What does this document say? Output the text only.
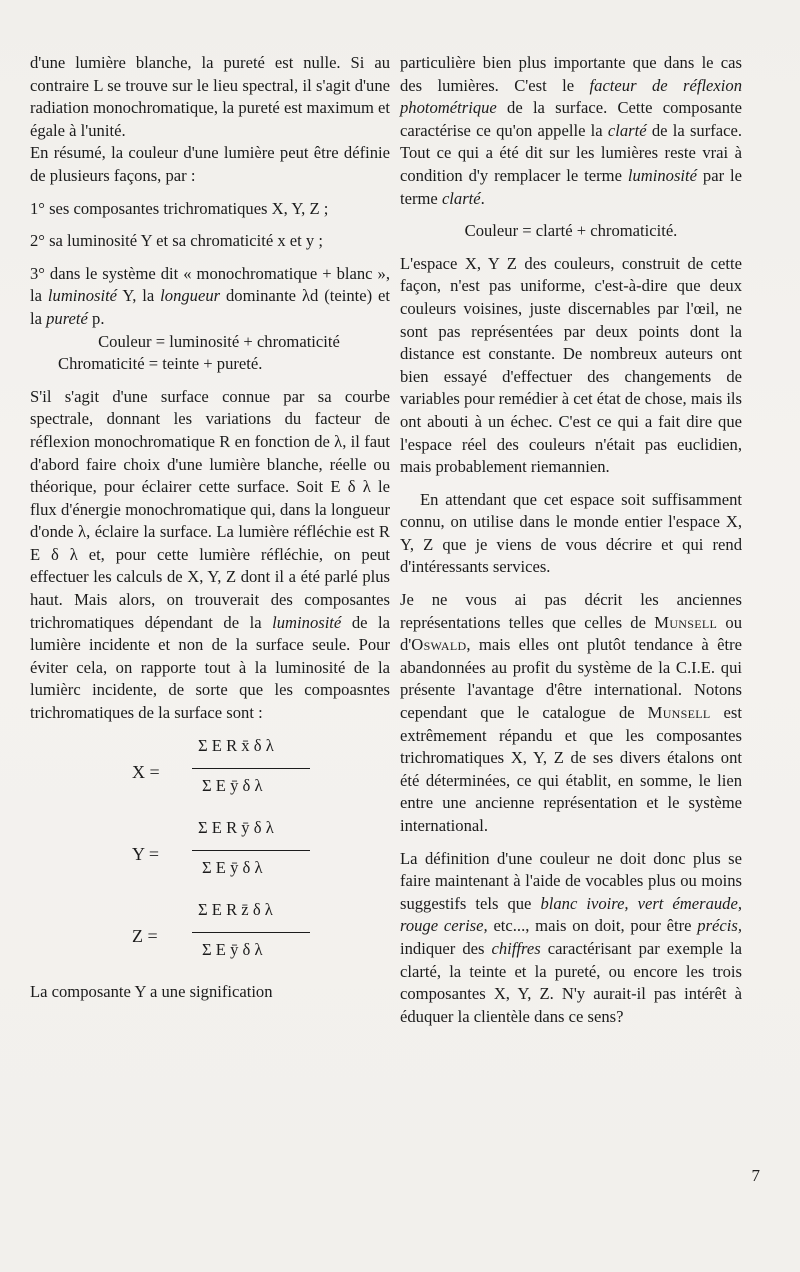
d'une lumière blanche, la pureté est nulle. Si au contraire L se trouve sur le lieu spectral, il s'agit d'une radiation monochromatique, la pureté est maximum et égale à l'unité.

En résumé, la couleur d'une lumière peut être définie de plusieurs façons, par :

1° ses composantes trichromatiques X, Y, Z ;

2° sa luminosité Y et sa chromaticité x et y ;

3° dans le système dit « monochromatique + blanc », la luminosité Y, la longueur dominante λd (teinte) et la pureté p.

Couleur = luminosité + chromaticité

Chromaticité = teinte + pureté.

S'il s'agit d'une surface connue par sa courbe spectrale, donnant les variations du facteur de réflexion monochromatique R en fonction de λ, il faut d'abord faire choix d'une lumière blanche, réelle ou théorique, pour éclairer cette surface. Soit E δ λ le flux d'énergie monochromatique qui, dans la longueur d'onde λ, éclaire la surface. La lumière réfléchie est R E δ λ et, pour cette lumière réfléchie, on peut effectuer les calculs de X, Y, Z dont il a été parlé plus haut. Mais alors, on trouverait des composantes trichromatiques dépendant de la luminosité de la lumière incidente et non de la surface seule. Pour éviter cela, on rapporte tout à la luminosité de la lumièrc incidente, de sorte que les compoasntes trichromatiques de la surface sont :

X =
Σ E R x̄ δ λ
Σ E ȳ δ λ
Y =
Σ E R ȳ δ λ
Σ E ȳ δ λ
Z =
Σ E R z̄ δ λ
Σ E ȳ δ λ

La composante Y a une signification

particulière bien plus importante que dans le cas des lumières. C'est le facteur de réflexion photométrique de la surface. Cette composante caractérise ce qu'on appelle la clarté de la surface. Tout ce qui a été dit sur les lumières reste vrai à condition d'y remplacer le terme luminosité par le terme clarté.

Couleur = clarté + chromaticité.

L'espace X, Y Z des couleurs, construit de cette façon, n'est pas uniforme, c'est-à-dire que deux couleurs voisines, juste discernables par l'œil, ne sont pas représentées par deux points dont la distance est constante. De nombreux auteurs ont bien essayé d'effectuer des changements de variables pour remédier à cet état de chose, mais ils ont abouti à un échec. C'est ce qui a fait dire que l'espace réel des couleurs n'était pas euclidien, mais probablement riemannien.

En attendant que cet espace soit suffisamment connu, on utilise dans le monde entier l'espace X, Y, Z que je viens de vous décrire et qui rend d'intéressants services.

Je ne vous ai pas décrit les anciennes représentations telles que celles de Munsell ou d'Oswald, mais elles ont plutôt tendance à être abandonnées au profit du système de la C.I.E. qui présente l'avantage d'être international. Notons cependant que le catalogue de Munsell est extrêmement répandu et que les composantes trichromatiques X, Y, Z de ses divers étalons ont été déterminées, ce qui établit, en somme, le lien entre une ancienne représentation et le système international.

La définition d'une couleur ne doit donc plus se faire maintenant à l'aide de vocables plus ou moins suggestifs tels que blanc ivoire, vert émeraude, rouge cerise, etc..., mais on doit, pour être précis, indiquer des chiffres caractérisant par exemple la clarté, la teinte et la pureté, ou encore les trois composantes X, Y, Z. N'y aurait-il pas intérêt à éduquer la clientèle dans ce sens?

7
